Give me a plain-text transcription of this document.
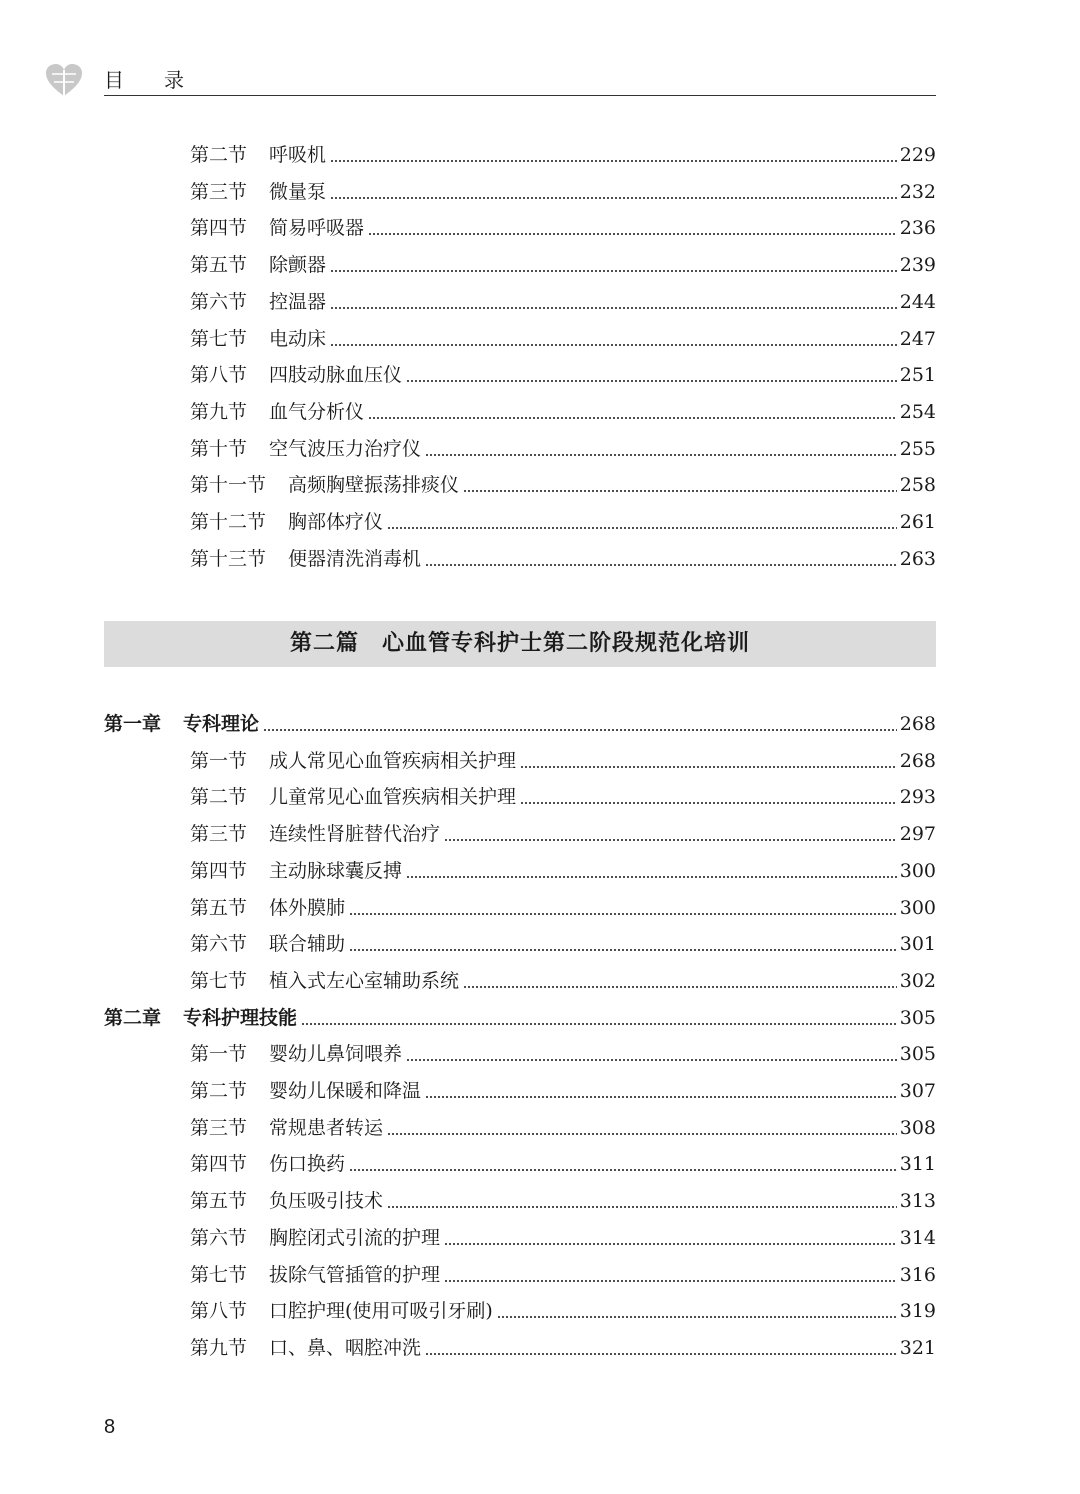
目录
第二节 呼吸机	229
第三节 微量泵	232
第四节 简易呼吸器	236
第五节 除颤器	239
第六节 控温器	244
第七节 电动床	247
第八节 四肢动脉血压仪	251
第九节 血气分析仪	254
第十节 空气波压力治疗仪	255
第十一节 高频胸壁振荡排痰仪	258
第十二节 胸部体疗仪	261
第十三节 便器清洗消毒机	263
第二篇　心血管专科护士第二阶段规范化培训
第一章 专科理论	268
第一节 成人常见心血管疾病相关护理	268
第二节 儿童常见心血管疾病相关护理	293
第三节 连续性肾脏替代治疗	297
第四节 主动脉球囊反搏	300
第五节 体外膜肺	300
第六节 联合辅助	301
第七节 植入式左心室辅助系统	302
第二章 专科护理技能	305
第一节 婴幼儿鼻饲喂养	305
第二节 婴幼儿保暖和降温	307
第三节 常规患者转运	308
第四节 伤口换药	311
第五节 负压吸引技术	313
第六节 胸腔闭式引流的护理	314
第七节 拔除气管插管的护理	316
第八节 口腔护理(使用可吸引牙刷)	319
第九节 口、鼻、咽腔冲洗	321
8
